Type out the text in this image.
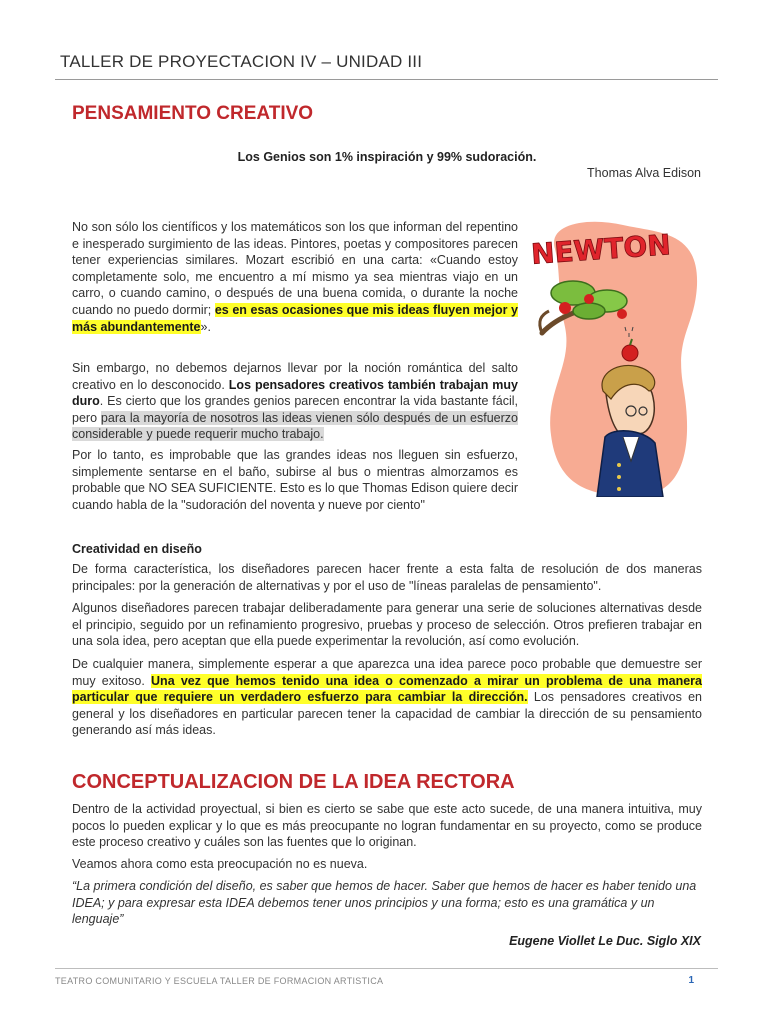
TALLER DE PROYECTACION IV – UNIDAD III
PENSAMIENTO CREATIVO
Los Genios son 1% inspiración y 99% sudoración.
Thomas Alva Edison

No son sólo los científicos y los matemáticos son los que informan del repentino e inesperado surgimiento de las ideas. Pintores, poetas y compositores parecen tener experiencias similares. Mozart escribió en una carta: «Cuando estoy completamente solo, me encuentro a mí mismo ya sea mientras viajo en un carro, o cuando camino, o después de una buena comida, o durante la noche cuando no puedo dormir; es en esas ocasiones que mis ideas fluyen mejor y más abundantemente».

Sin embargo, no debemos dejarnos llevar por la noción romántica del salto creativo en lo desconocido. Los pensadores creativos también trabajan muy duro. Es cierto que los grandes genios parecen encontrar la vida bastante fácil, pero para la mayoría de nosotros las ideas vienen sólo después de un esfuerzo considerable y puede requerir mucho trabajo.

Por lo tanto, es improbable que las grandes ideas nos lleguen sin esfuerzo, simplemente sentarse en el baño, subirse al bus o mientras almorzamos es probable que NO SEA SUFICIENTE. Esto es lo que Thomas Edison quiere decir cuando habla de la "sudoración del noventa y nueve por ciento"

NEWTON
Creatividad en diseño

De forma característica, los diseñadores parecen hacer frente a esta falta de resolución de dos maneras principales: por la generación de alternativas y por el uso de "líneas paralelas de pensamiento".

Algunos diseñadores parecen trabajar deliberadamente para generar una serie de soluciones alternativas desde el principio, seguido por un refinamiento progresivo, pruebas y proceso de selección. Otros prefieren trabajar en una sola idea, pero aceptan que ella puede experimentar la revolución, así como evolución.

De cualquier manera, simplemente esperar a que aparezca una idea parece poco probable que demuestre ser muy exitoso. Una vez que hemos tenido una idea o comenzado a mirar un problema de una manera particular que requiere un verdadero esfuerzo para cambiar la dirección. Los pensadores creativos en general y los diseñadores en particular parecen tener la capacidad de cambiar la dirección de su pensamiento generando así más ideas.

CONCEPTUALIZACION DE LA IDEA RECTORA

Dentro de la actividad proyectual, si bien es cierto se sabe que este acto sucede, de una manera intuitiva, muy pocos lo pueden explicar y lo que es más preocupante no logran fundamentar en su proyecto, como se produce este proceso creativo y cuáles son las fuentes que lo originan.

Veamos ahora como esta preocupación no es nueva.

“La primera condición del diseño, es saber que hemos de hacer. Saber que hemos de hacer es haber tenido una IDEA; y para expresar esta IDEA debemos tener unos principios y una forma; esto es una gramática y un lenguaje”
Eugene Viollet Le Duc. Siglo XIX
TEATRO COMUNITARIO Y ESCUELA TALLER DE FORMACION ARTISTICA	1
